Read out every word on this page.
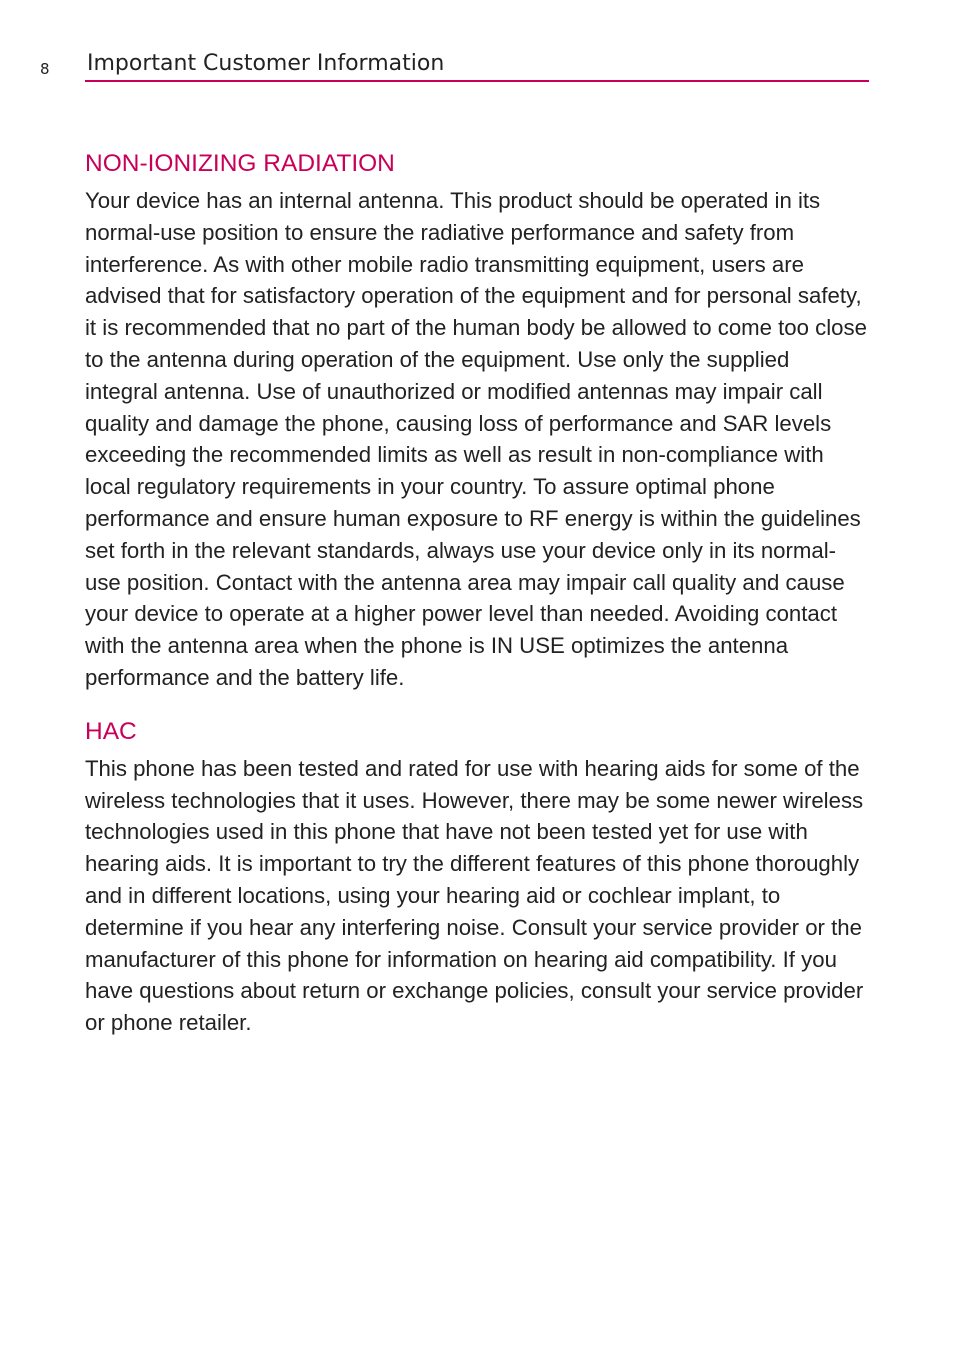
8 Important Customer Information
NON-IONIZING RADIATION

Your device has an internal antenna. This product should be operated in its normal-use position to ensure the radiative performance and safety from interference. As with other mobile radio transmitting equipment, users are advised that for satisfactory operation of the equipment and for personal safety, it is recommended that no part of the human body be allowed to come too close to the antenna during operation of the equipment. Use only the supplied integral antenna. Use of unauthorized or modified antennas may impair call quality and damage the phone, causing loss of performance and SAR levels exceeding the recommended limits as well as result in non-compliance with local regulatory requirements in your country. To assure optimal phone performance and ensure human exposure to RF energy is within the guidelines set forth in the relevant standards, always use your device only in its normal-use position. Contact with the antenna area may impair call quality and cause your device to operate at a higher power level than needed. Avoiding contact with the antenna area when the phone is IN USE optimizes the antenna performance and the battery life.

HAC

This phone has been tested and rated for use with hearing aids for some of the wireless technologies that it uses. However, there may be some newer wireless technologies used in this phone that have not been tested yet for use with hearing aids. It is important to try the different features of this phone thoroughly and in different locations, using your hearing aid or cochlear implant, to determine if you hear any interfering noise. Consult your service provider or the manufacturer of this phone for information on hearing aid compatibility. If you have questions about return or exchange policies, consult your service provider or phone retailer.
